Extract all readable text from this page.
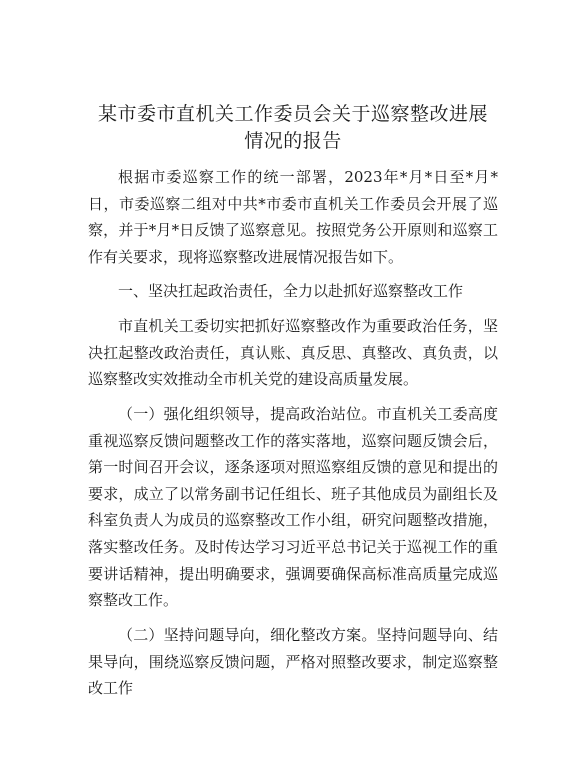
某市委市直机关工作委员会关于巡察整改进展
情况的报告

根据市委巡察工作的统一部署，2023年*月*日至*月*日，市委巡察二组对中共*市委市直机关工作委员会开展了巡察，并于*月*日反馈了巡察意见。按照党务公开原则和巡察工作有关要求，现将巡察整改进展情况报告如下。

一、坚决扛起政治责任，全力以赴抓好巡察整改工作

市直机关工委切实把抓好巡察整改作为重要政治任务，坚决扛起整改政治责任，真认账、真反思、真整改、真负责，以巡察整改实效推动全市机关党的建设高质量发展。

（一）强化组织领导，提高政治站位。市直机关工委高度重视巡察反馈问题整改工作的落实落地，巡察问题反馈会后，第一时间召开会议，逐条逐项对照巡察组反馈的意见和提出的要求，成立了以常务副书记任组长、班子其他成员为副组长及科室负责人为成员的巡察整改工作小组，研究问题整改措施，落实整改任务。及时传达学习习近平总书记关于巡视工作的重要讲话精神，提出明确要求，强调要确保高标准高质量完成巡察整改工作。

（二）坚持问题导向，细化整改方案。坚持问题导向、结果导向，围绕巡察反馈问题，严格对照整改要求，制定巡察整改工作
